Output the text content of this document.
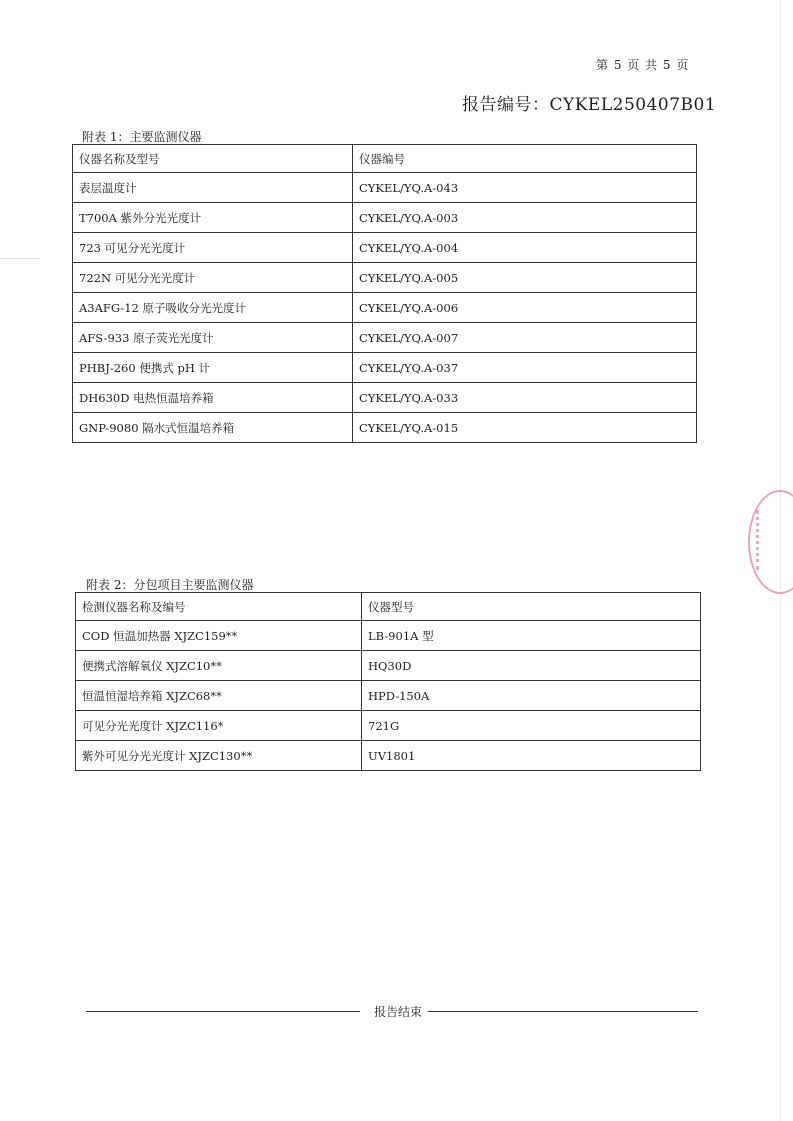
第 5 页 共 5 页
报告编号：CYKEL250407B01
附表 1：主要监测仪器
仪器名称及型号	仪器编号
表层温度计	CYKEL/YQ.A-043
T700A 紫外分光光度计	CYKEL/YQ.A-003
723 可见分光光度计	CYKEL/YQ.A-004
722N 可见分光光度计	CYKEL/YQ.A-005
A3AFG-12 原子吸收分光光度计	CYKEL/YQ.A-006
AFS-933 原子荧光光度计	CYKEL/YQ.A-007
PHBJ-260 便携式 pH 计	CYKEL/YQ.A-037
DH630D 电热恒温培养箱	CYKEL/YQ.A-033
GNP-9080 隔水式恒温培养箱	CYKEL/YQ.A-015
附表 2：分包项目主要监测仪器
检测仪器名称及编号	仪器型号
COD 恒温加热器 XJZC159**	LB-901A 型
便携式溶解氧仪 XJZC10**	HQ30D
恒温恒湿培养箱 XJZC68**	HPD-150A
可见分光光度计 XJZC116*	721G
紫外可见分光光度计 XJZC130**	UV1801
报告结束
